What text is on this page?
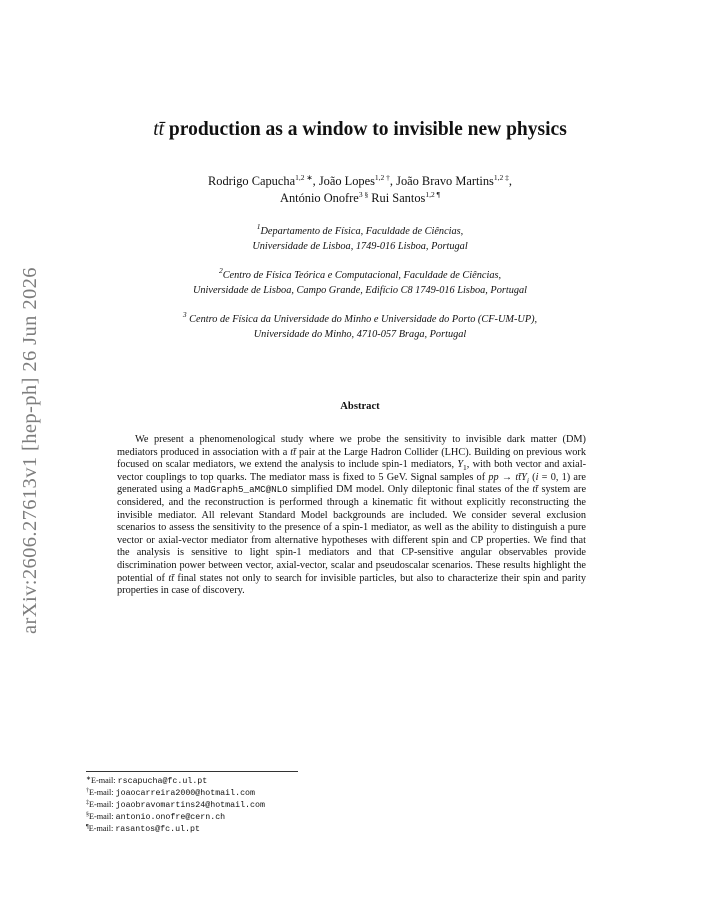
arXiv:2606.27613v1 [hep-ph] 26 Jun 2026
tt̄ production as a window to invisible new physics
Rodrigo Capucha$^{1,2 ∗}$, João Lopes$^{1,2 \dagger}$, João Bravo Martins$^{1,2 \ddagger}$,
António Onofre$^{3 \S}$ Rui Santos$^{1,2 \P}$
$^1$Departamento de Física, Faculdade de Ciências,
Universidade de Lisboa, 1749-016 Lisboa, Portugal
$^2$Centro de Física Teórica e Computacional, Faculdade de Ciências,
Universidade de Lisboa, Campo Grande, Edifício C8 1749-016 Lisboa, Portugal
$^3$ Centro de Física da Universidade do Minho e Universidade do Porto (CF-UM-UP),
Universidade do Minho, 4710-057 Braga, Portugal
Abstract

We present a phenomenological study where we probe the sensitivity to invisible dark matter (DM) mediators produced in association with a tt̄ pair at the Large Hadron Collider (LHC). Building on previous work focused on scalar mediators, we extend the analysis to include spin-1 mediators, $Y_1$, with both vector and axial-vector couplings to top quarks. The mediator mass is fixed to 5 GeV. Signal samples of pp → $tt̄Y_i$ (i = 0, 1) are generated using a MadGraph5_aMC@NLO simplified DM model. Only dileptonic final states of the tt̄ system are considered, and the reconstruction is performed through a kinematic fit without explicitly reconstructing the invisible mediator. All relevant Standard Model backgrounds are included. We consider several exclusion scenarios to assess the sensitivity to the presence of a spin-1 mediator, as well as the ability to distinguish a pure vector or axial-vector mediator from alternative hypotheses with different spin and CP properties. We find that the analysis is sensitive to light spin-1 mediators and that CP-sensitive angular observables provide discrimination power between vector, axial-vector, scalar and pseudoscalar scenarios. These results highlight the potential of tt̄ final states not only to search for invisible particles, but also to characterize their spin and parity properties in case of discovery.

∗E-mail: rscapucha@fc.ul.pt
†E-mail: joaocarreira2000@hotmail.com
‡E-mail: joaobravomartins24@hotmail.com
§E-mail: antonio.onofre@cern.ch
¶E-mail: rasantos@fc.ul.pt
